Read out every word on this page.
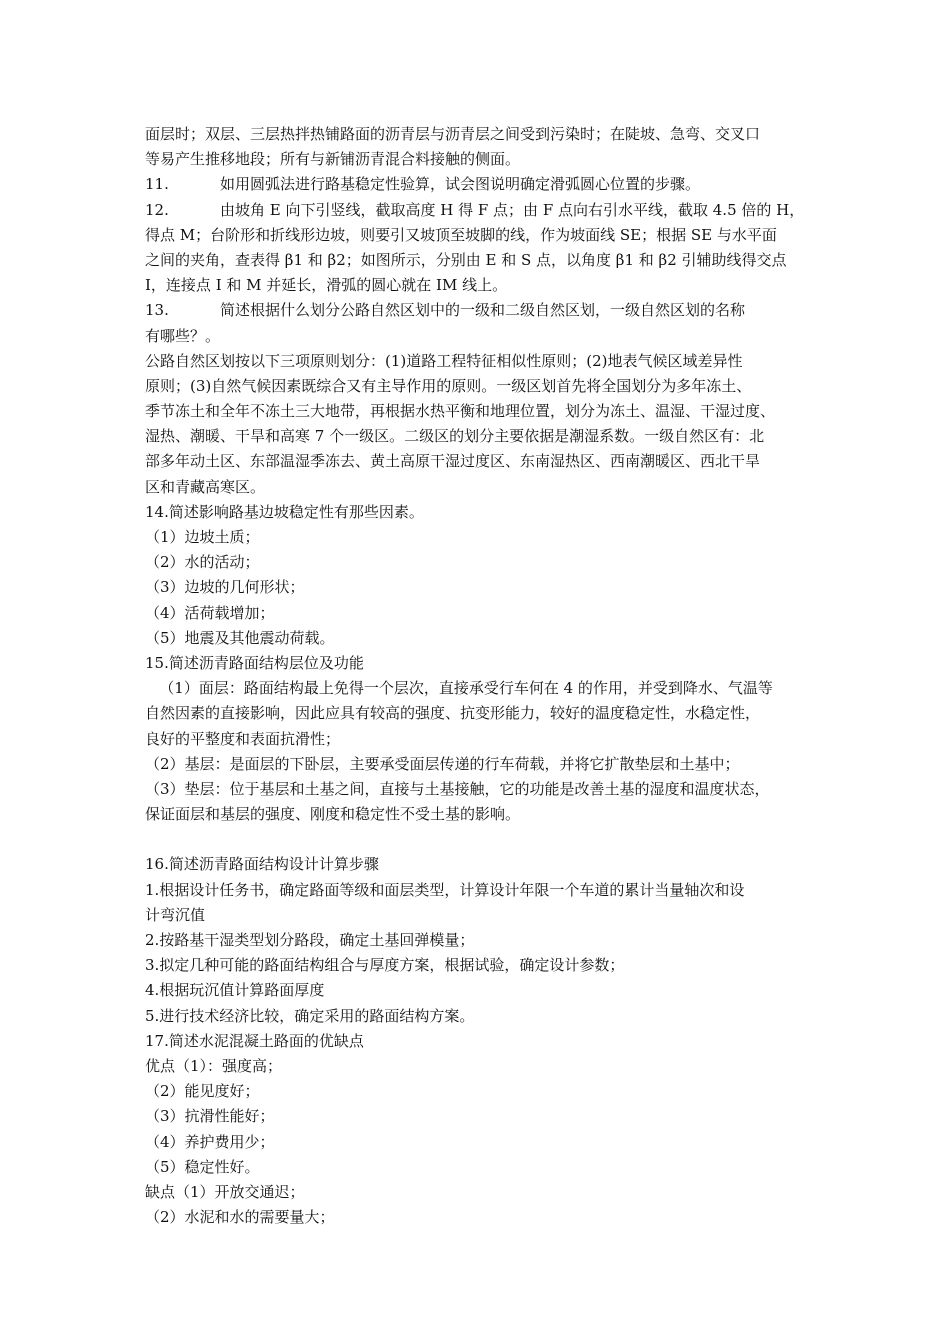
面层时；双层、三层热拌热铺路面的沥青层与沥青层之间受到污染时；在陡坡、急弯、交叉口
等易产生推移地段；所有与新铺沥青混合料接触的侧面。
11.	如用圆弧法进行路基稳定性验算，试会图说明确定滑弧圆心位置的步骤。
12.	由坡角 E 向下引竖线，截取高度 H 得 F 点；由 F 点向右引水平线，截取 4.5 倍的 H，
得点 M；台阶形和折线形边坡，则要引又坡顶至坡脚的线，作为坡面线 SE；根据 SE 与水平面
之间的夹角，查表得 β1 和 β2；如图所示，分别由 E 和 S 点，以角度 β1 和 β2 引辅助线得交点
I，连接点 I 和 M 并延长，滑弧的圆心就在 IM 线上。
13.	简述根据什么划分公路自然区划中的一级和二级自然区划，一级自然区划的名称
有哪些？。
公路自然区划按以下三项原则划分：(1)道路工程特征相似性原则；(2)地表气候区域差异性
原则；(3)自然气候因素既综合又有主导作用的原则。一级区划首先将全国划分为多年冻土、
季节冻土和全年不冻土三大地带，再根据水热平衡和地理位置，划分为冻土、温湿、干湿过度、
湿热、潮暖、干旱和高寒 7 个一级区。二级区的划分主要依据是潮湿系数。一级自然区有：北
部多年动土区、东部温湿季冻去、黄土高原干湿过度区、东南湿热区、西南潮暖区、西北干旱
区和青藏高寒区。
14.简述影响路基边坡稳定性有那些因素。
（1）边坡土质；
（2）水的活动；
（3）边坡的几何形状；
（4）活荷载增加；
（5）地震及其他震动荷载。
15.简述沥青路面结构层位及功能
（1）面层：路面结构最上免得一个层次，直接承受行车何在 4 的作用，并受到降水、气温等
自然因素的直接影响，因此应具有较高的强度、抗变形能力，较好的温度稳定性，水稳定性，
良好的平整度和表面抗滑性；
（2）基层：是面层的下卧层，主要承受面层传递的行车荷载，并将它扩散垫层和土基中；
（3）垫层：位于基层和土基之间，直接与土基接触，它的功能是改善土基的湿度和温度状态，
保证面层和基层的强度、刚度和稳定性不受土基的影响。
16.简述沥青路面结构设计计算步骤
1.根据设计任务书，确定路面等级和面层类型，计算设计年限一个车道的累计当量轴次和设
计弯沉值
2.按路基干湿类型划分路段，确定土基回弹模量；
3.拟定几种可能的路面结构组合与厚度方案，根据试验，确定设计参数；
4.根据玩沉值计算路面厚度
5.进行技术经济比较，确定采用的路面结构方案。
17.简述水泥混凝土路面的优缺点
优点（1）：强度高；
（2）能见度好；
（3）抗滑性能好；
（4）养护费用少；
（5）稳定性好。
缺点（1）开放交通迟；
（2）水泥和水的需要量大；
